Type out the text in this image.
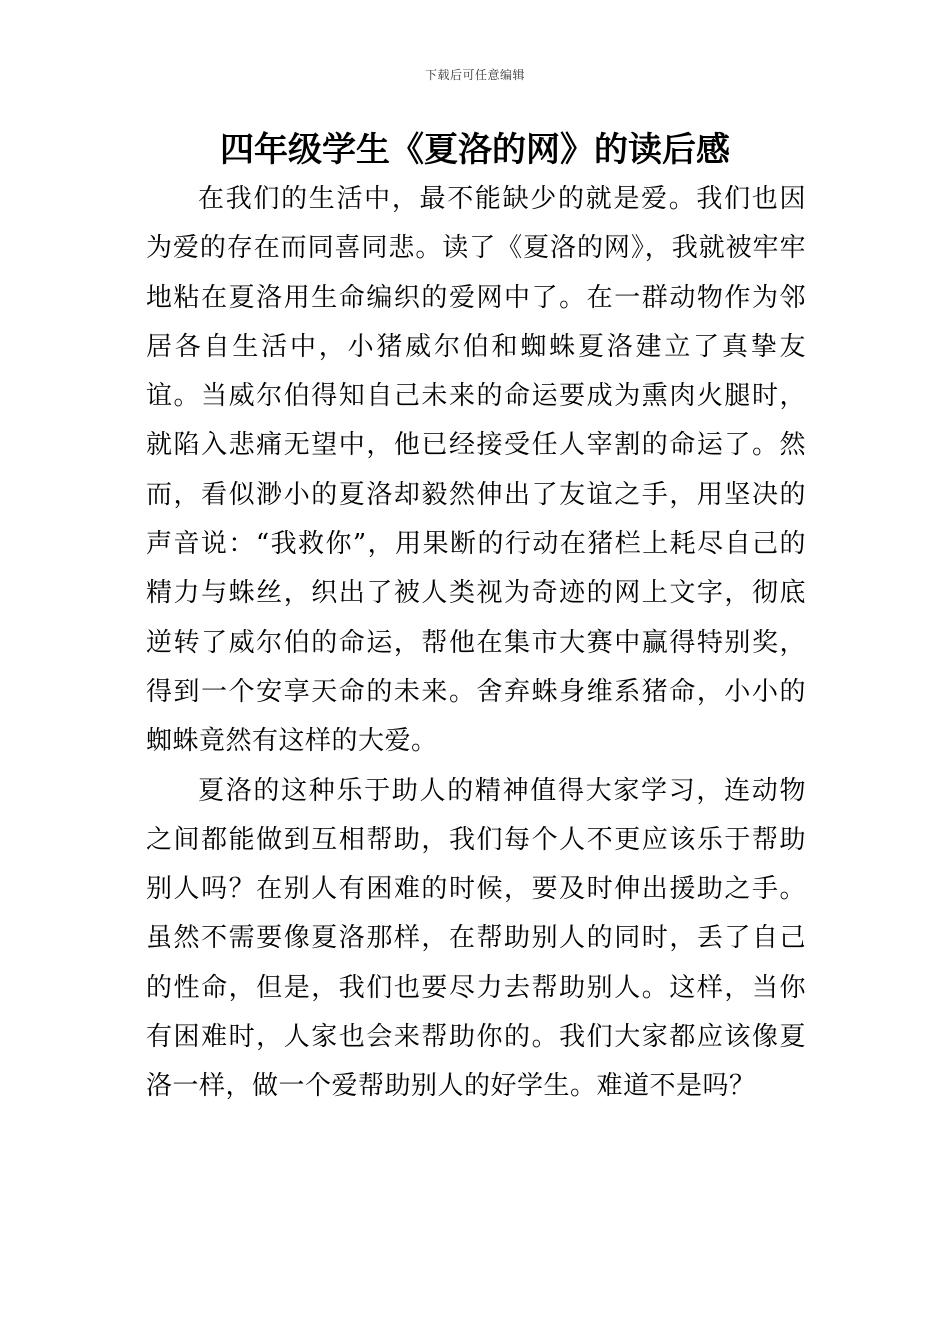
下载后可任意编辑
四年级学生《夏洛的网》的读后感

在我们的生活中，最不能缺少的就是爱。我们也因为爱的存在而同喜同悲。读了《夏洛的网》，我就被牢牢地粘在夏洛用生命编织的爱网中了。在一群动物作为邻居各自生活中，小猪威尔伯和蜘蛛夏洛建立了真挚友谊。当威尔伯得知自己未来的命运要成为熏肉火腿时，就陷入悲痛无望中，他已经接受任人宰割的命运了。然而，看似渺小的夏洛却毅然伸出了友谊之手，用坚决的声音说：“我救你”，用果断的行动在猪栏上耗尽自己的精力与蛛丝，织出了被人类视为奇迹的网上文字，彻底逆转了威尔伯的命运，帮他在集市大赛中赢得特别奖，得到一个安享天命的未来。舍弃蛛身维系猪命，小小的蜘蛛竟然有这样的大爱。

夏洛的这种乐于助人的精神值得大家学习，连动物之间都能做到互相帮助，我们每个人不更应该乐于帮助别人吗？在别人有困难的时候，要及时伸出援助之手。虽然不需要像夏洛那样，在帮助别人的同时，丢了自己的性命，但是，我们也要尽力去帮助别人。这样，当你有困难时，人家也会来帮助你的。我们大家都应该像夏洛一样，做一个爱帮助别人的好学生。难道不是吗？
